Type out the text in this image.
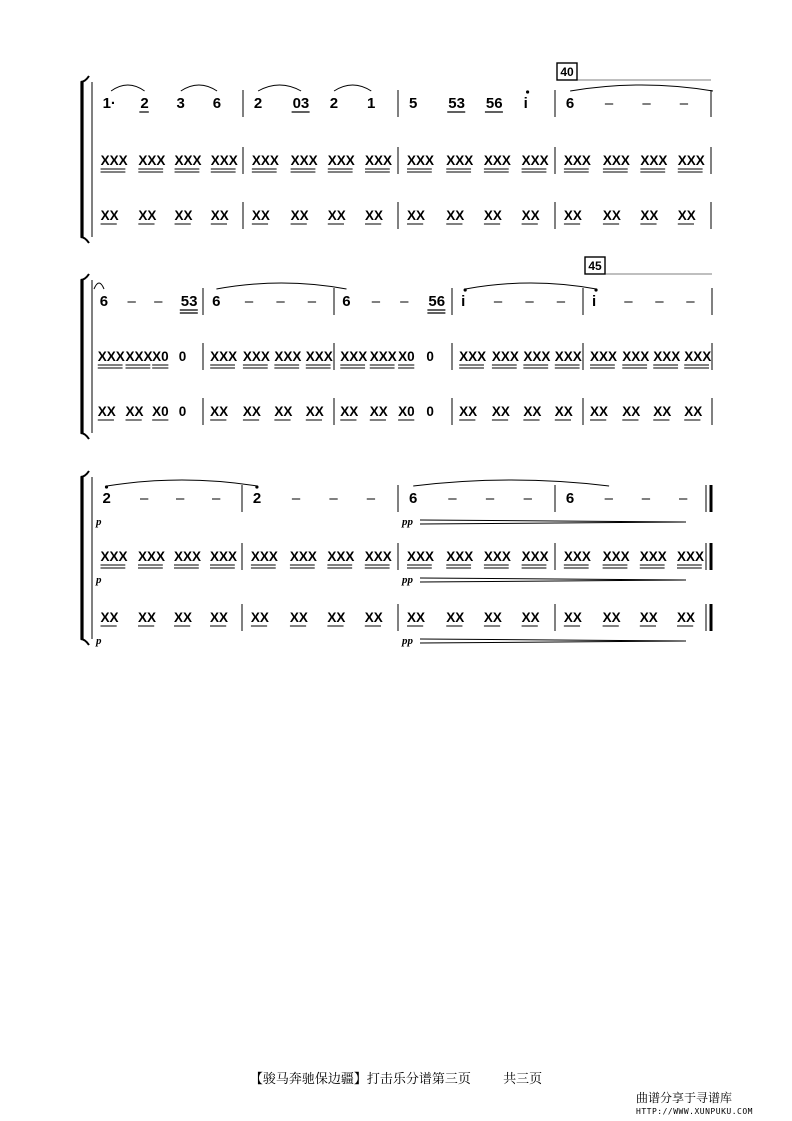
1· 2 3 6 2 03 2 1 5 53 56 i	6 – – –
XXX XXX XXX XXX XXX XXX XXX XXX XXX XXX XXX XXX XXX XXX XXX XXX
XX XX XX XX XX XX XX XX XX XX XX XX XX XX XX XX
40
6 – – 53 6 – – – 6 – – 56 i – – – i – – –
XXX XXX X0 0 XXX XXX XXX XXX XXX XXX X0 0 XXX XXX XXX XXX XXX XXX XXX XXX
XX XX X0 0 XX XX XX XX XX XX X0 0 XX XX XX XX XX XX XX XX
45
2 – – – 2 – – – 6 – – – 6 – – –
XXX XXX XXX XXX XXX XXX XXX XXX XXX XXX XXX XXX XXX XXX XXX XXX
XX XX XX XX XX XX XX XX XX XX XX XX XX XX XX XX
p
p
p
pp
pp
pp
【骏马奔驰保边疆】打击乐分谱第三页 共三页
曲谱分享于寻谱库
HTTP://WWW.XUNPUKU.COM
